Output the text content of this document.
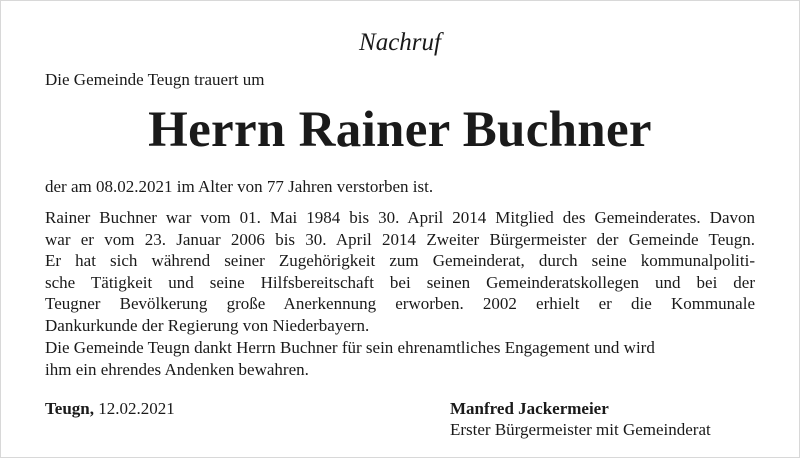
Nachruf
Die Gemeinde Teugn trauert um
Herrn Rainer Buchner

der am 08.02.2021 im Alter von 77 Jahren verstorben ist.

Rainer Buchner war vom 01. Mai 1984 bis 30. April 2014 Mitglied des Gemeinderates. Davon
war er vom 23. Januar 2006 bis 30. April 2014 Zweiter Bürgermeister der Gemeinde Teugn.
Er hat sich während seiner Zugehörigkeit zum Gemeinderat, durch seine kommunalpoliti-
sche Tätigkeit und seine Hilfsbereitschaft bei seinen Gemeinderatskollegen und bei der
Teugner Bevölkerung große Anerkennung erworben. 2002 erhielt er die Kommunale
Dankurkunde der Regierung von Niederbayern.

Die Gemeinde Teugn dankt Herrn Buchner für sein ehrenamtliches Engagement und wird
ihm ein ehrendes Andenken bewahren.

Teugn, 12.02.2021	Manfred Jackermeier
Erster Bürgermeister mit Gemeinderat
